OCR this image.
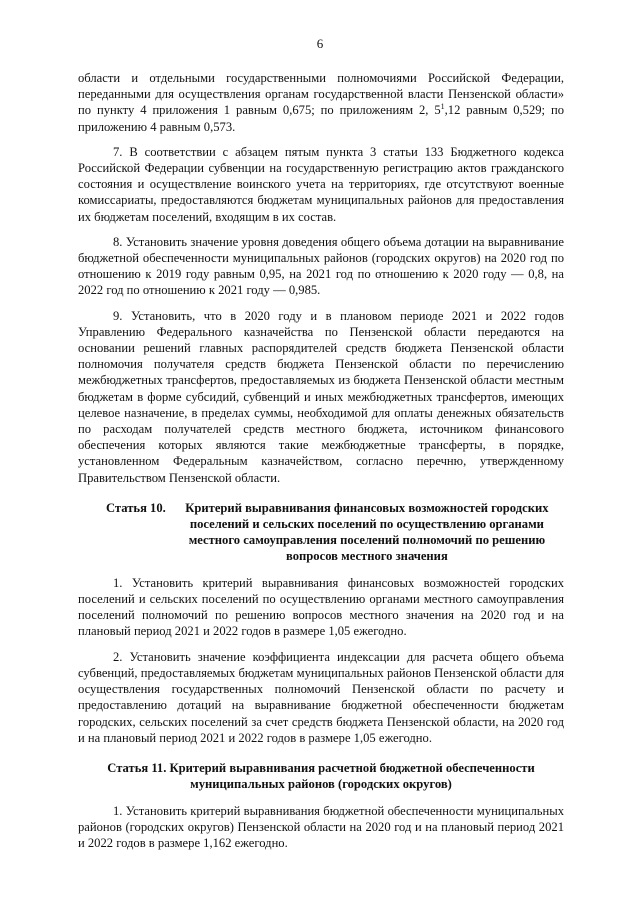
6

области и отдельными государственными полномочиями Российской Федерации, переданными для осуществления органам государственной власти Пензенской области» по пункту 4 приложения 1 равным 0,675; по приложениям 2, $5^1,12$ равным 0,529; по приложению 4 равным 0,573.

7. В соответствии с абзацем пятым пункта 3 статьи 133 Бюджетного кодекса Российской Федерации субвенции на государственную регистрацию актов гражданского состояния и осуществление воинского учета на территориях, где отсутствуют военные комиссариаты, предоставляются бюджетам муниципальных районов для предоставления их бюджетам поселений, входящим в их состав.

8. Установить значение уровня доведения общего объема дотации на выравнивание бюджетной обеспеченности муниципальных районов (городских округов) на 2020 год по отношению к 2019 году равным 0,95, на 2021 год по отношению к 2020 году — 0,8, на 2022 год по отношению к 2021 году — 0,985.

9. Установить, что в 2020 году и в плановом периоде 2021 и 2022 годов Управлению Федерального казначейства по Пензенской области передаются на основании решений главных распорядителей средств бюджета Пензенской области полномочия получателя средств бюджета Пензенской области по перечислению межбюджетных трансфертов, предоставляемых из бюджета Пензенской области местным бюджетам в форме субсидий, субвенций и иных межбюджетных трансфертов, имеющих целевое назначение, в пределах суммы, необходимой для оплаты денежных обязательств по расходам получателей средств местного бюджета, источником финансового обеспечения которых являются такие межбюджетные трансферты, в порядке, установленном Федеральным казначейством, согласно перечню, утвержденному Правительством Пензенской области.

Статья 10.	Критерий выравнивания финансовых возможностей городских поселений и сельских поселений по осуществлению органами местного самоуправления поселений полномочий по решению вопросов местного значения

1. Установить критерий выравнивания финансовых возможностей городских поселений и сельских поселений по осуществлению органами местного самоуправления поселений полномочий по решению вопросов местного значения на 2020 год и на плановый период 2021 и 2022 годов в размере 1,05 ежегодно.

2. Установить значение коэффициента индексации для расчета общего объема субвенций, предоставляемых бюджетам муниципальных районов Пензенской области для осуществления государственных полномочий Пензенской области по расчету и предоставлению дотаций на выравнивание бюджетной обеспеченности бюджетам городских, сельских поселений за счет средств бюджета Пензенской области, на 2020 год и на плановый период 2021 и 2022 годов в размере 1,05 ежегодно.

Статья 11. Критерий выравнивания расчетной бюджетной обеспеченности
муниципальных районов (городских округов)

1. Установить критерий выравнивания бюджетной обеспеченности муниципальных районов (городских округов) Пензенской области на 2020 год и на плановый период 2021 и 2022 годов в размере 1,162 ежегодно.
